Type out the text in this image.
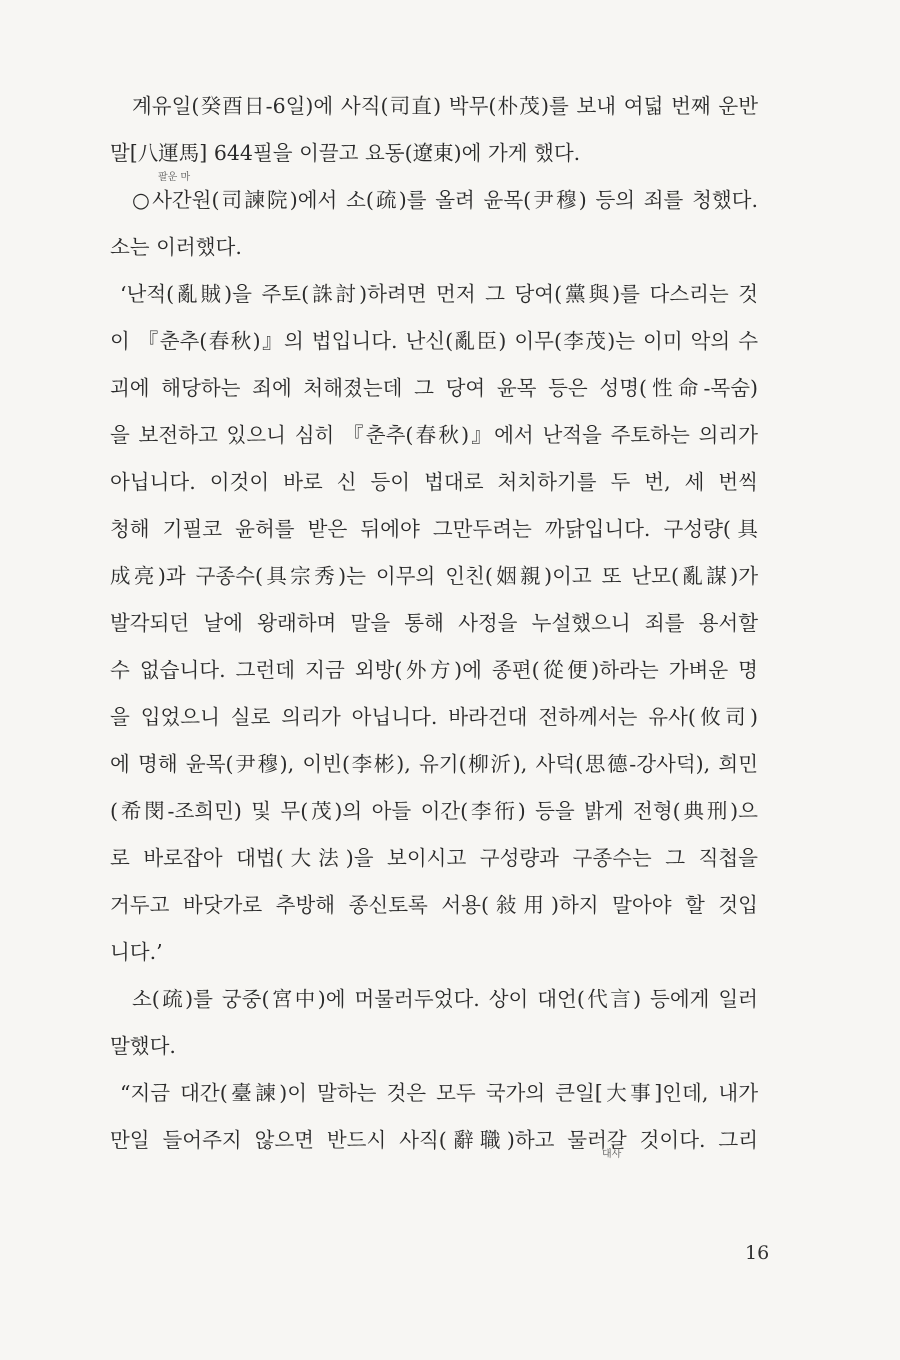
계유일(癸酉日-6일)에 사직(司直) 박무(朴茂)를 보내 여덟 번째 운반
말[八運馬] 644필을 이끌고 요동(遼東)에 가게 했다.
○사간원(司諫院)에서 소(疏)를 올려 윤목(尹穆) 등의 죄를 청했다.
소는 이러했다.
‘난적(亂賊)을 주토(誅討)하려면 먼저 그 당여(黨與)를 다스리는 것
이 『춘추(春秋)』의 법입니다. 난신(亂臣) 이무(李茂)는 이미 악의 수
괴에 해당하는 죄에 처해졌는데 그 당여 윤목 등은 성명(性命-목숨)
을 보전하고 있으니 심히 『춘추(春秋)』에서 난적을 주토하는 의리가
아닙니다. 이것이 바로 신 등이 법대로 처치하기를 두 번, 세 번씩
청해 기필코 윤허를 받은 뒤에야 그만두려는 까닭입니다. 구성량(具
成亮)과 구종수(具宗秀)는 이무의 인친(姻親)이고 또 난모(亂謀)가
발각되던 날에 왕래하며 말을 통해 사정을 누설했으니 죄를 용서할
수 없습니다. 그런데 지금 외방(外方)에 종편(從便)하라는 가벼운 명
을 입었으니 실로 의리가 아닙니다. 바라건대 전하께서는 유사(攸司)
에 명해 윤목(尹穆), 이빈(李彬), 유기(柳沂), 사덕(思德-강사덕), 희민
(希閔-조희민) 및 무(茂)의 아들 이간(李衎) 등을 밝게 전형(典刑)으
로 바로잡아 대법(大法)을 보이시고 구성량과 구종수는 그 직첩을
거두고 바닷가로 추방해 종신토록 서용(敍用)하지 말아야 할 것입
니다.’
소(疏)를 궁중(宮中)에 머물러두었다. 상이 대언(代言) 등에게 일러
말했다.
“지금 대간(臺諫)이 말하는 것은 모두 국가의 큰일[大事]인데, 내가
만일 들어주지 않으면 반드시 사직(辭職)하고 물러갈 것이다. 그리
팔운 마
대사
16
